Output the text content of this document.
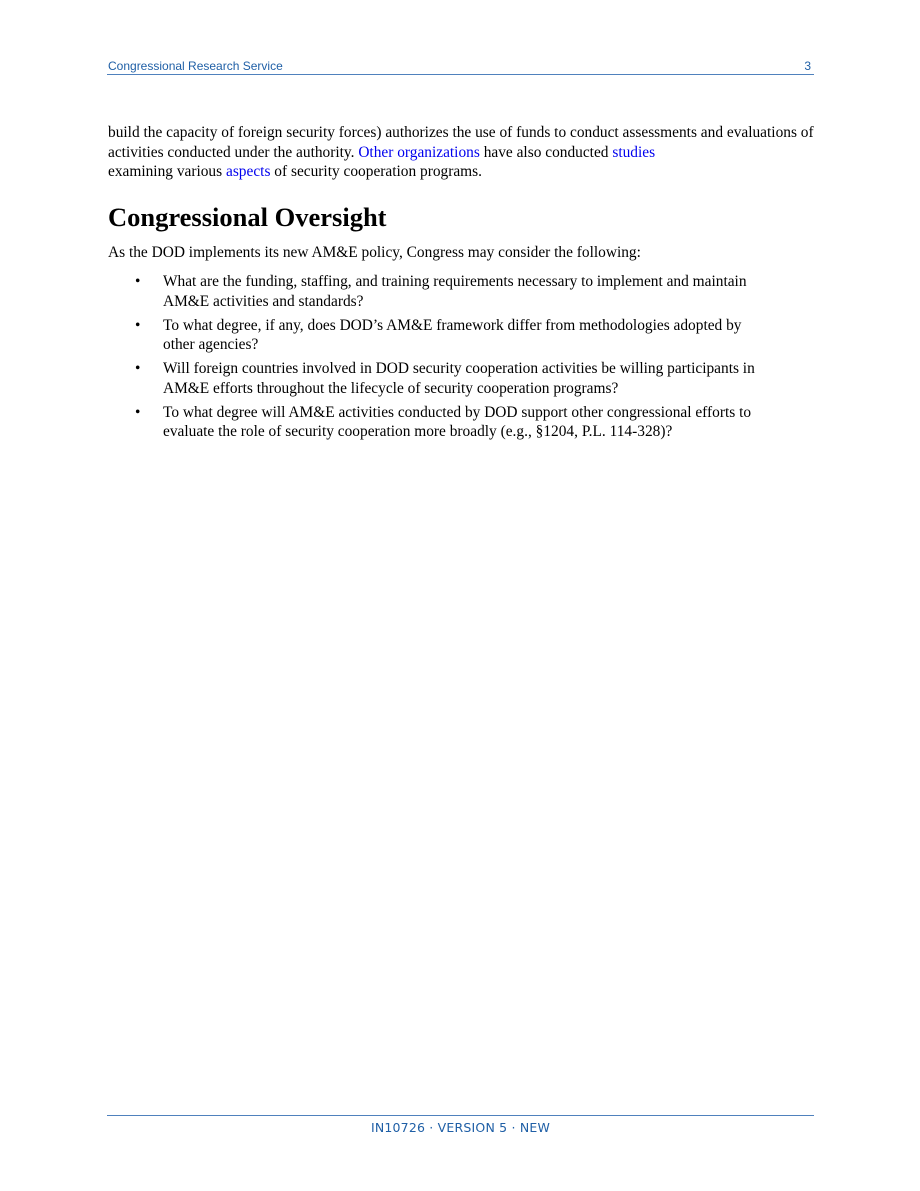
Congressional Research Service	3

build the capacity of foreign security forces) authorizes the use of funds to conduct assessments and evaluations of activities conducted under the authority. Other organizations have also conducted studies
examining various aspects of security cooperation programs.

Congressional Oversight

As the DOD implements its new AM&E policy, Congress may consider the following:

• What are the funding, staffing, and training requirements necessary to implement and maintain AM&E activities and standards?
• To what degree, if any, does DOD’s AM&E framework differ from methodologies adopted by other agencies?
• Will foreign countries involved in DOD security cooperation activities be willing participants in AM&E efforts throughout the lifecycle of security cooperation programs?
• To what degree will AM&E activities conducted by DOD support other congressional efforts to evaluate the role of security cooperation more broadly (e.g., §1204, P.L. 114-328)?
IN10726 · VERSION 5 · NEW
